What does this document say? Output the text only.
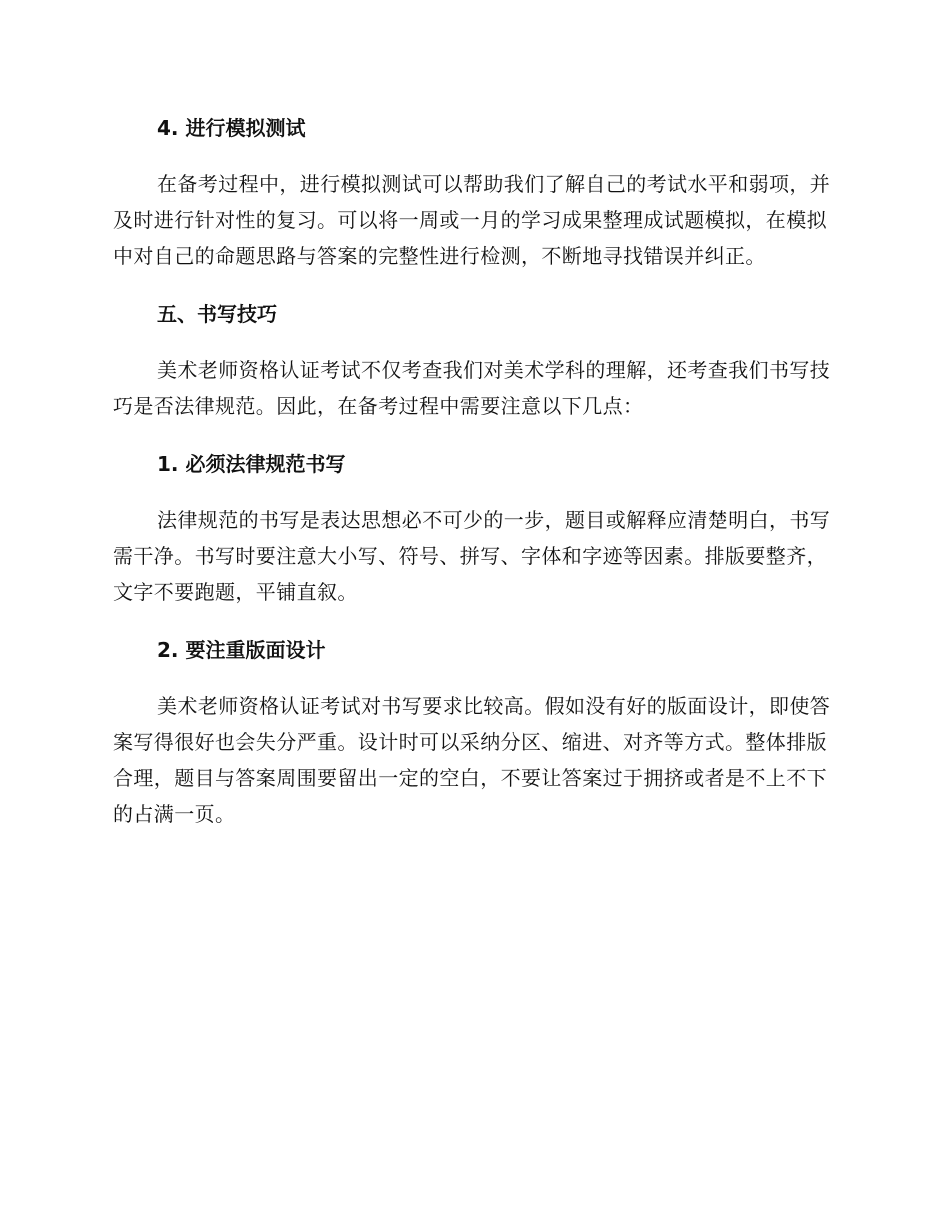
4. 进行模拟测试
在备考过程中，进行模拟测试可以帮助我们了解自己的考试水平和弱项，并及时进行针对性的复习。可以将一周或一月的学习成果整理成试题模拟，在模拟中对自己的命题思路与答案的完整性进行检测，不断地寻找错误并纠正。
五、书写技巧
美术老师资格认证考试不仅考查我们对美术学科的理解，还考查我们书写技巧是否法律规范。因此，在备考过程中需要注意以下几点：
1. 必须法律规范书写
法律规范的书写是表达思想必不可少的一步，题目或解释应清楚明白，书写需干净。书写时要注意大小写、符号、拼写、字体和字迹等因素。排版要整齐，文字不要跑题，平铺直叙。
2. 要注重版面设计
美术老师资格认证考试对书写要求比较高。假如没有好的版面设计，即使答案写得很好也会失分严重。设计时可以采纳分区、缩进、对齐等方式。整体排版合理，题目与答案周围要留出一定的空白，不要让答案过于拥挤或者是不上不下的占满一页。
